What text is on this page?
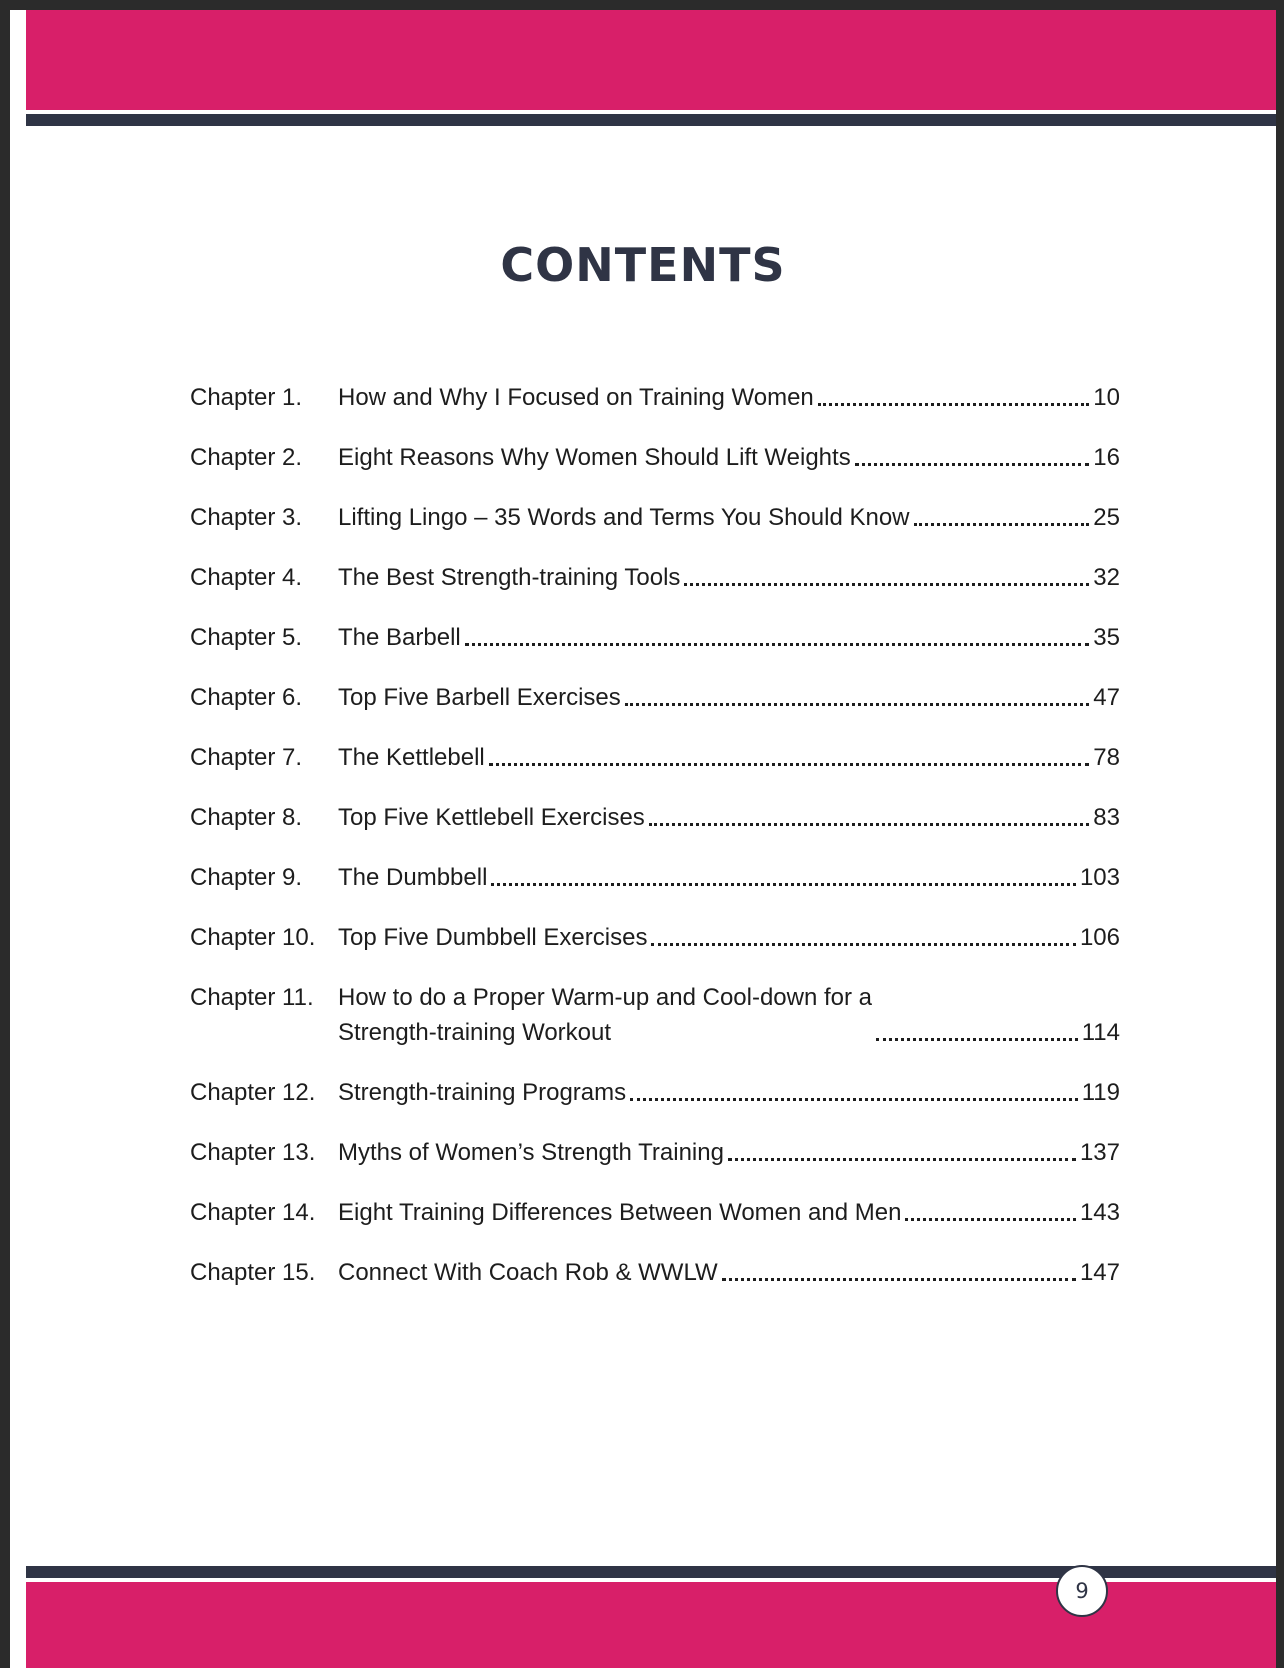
CONTENTS
Chapter 1.	How and Why I Focused on Training Women	10
Chapter 2.	Eight Reasons Why Women Should Lift Weights	16
Chapter 3.	Lifting Lingo – 35 Words and Terms You Should Know	25
Chapter 4.	The Best Strength-training Tools	32
Chapter 5.	The Barbell	35
Chapter 6.	Top Five Barbell Exercises	47
Chapter 7.	The Kettlebell	78
Chapter 8.	Top Five Kettlebell Exercises	83
Chapter 9.	The Dumbbell	103
Chapter 10. Top Five Dumbbell Exercises	106
Chapter 11.	How to do a Proper Warm-up and Cool-down for a
Strength-training Workout	114
Chapter 12. Strength-training Programs	119
Chapter 13. Myths of Women’s Strength Training	137
Chapter 14. Eight Training Differences Between Women and Men	143
Chapter 15. Connect With Coach Rob & WWLW	147
9
